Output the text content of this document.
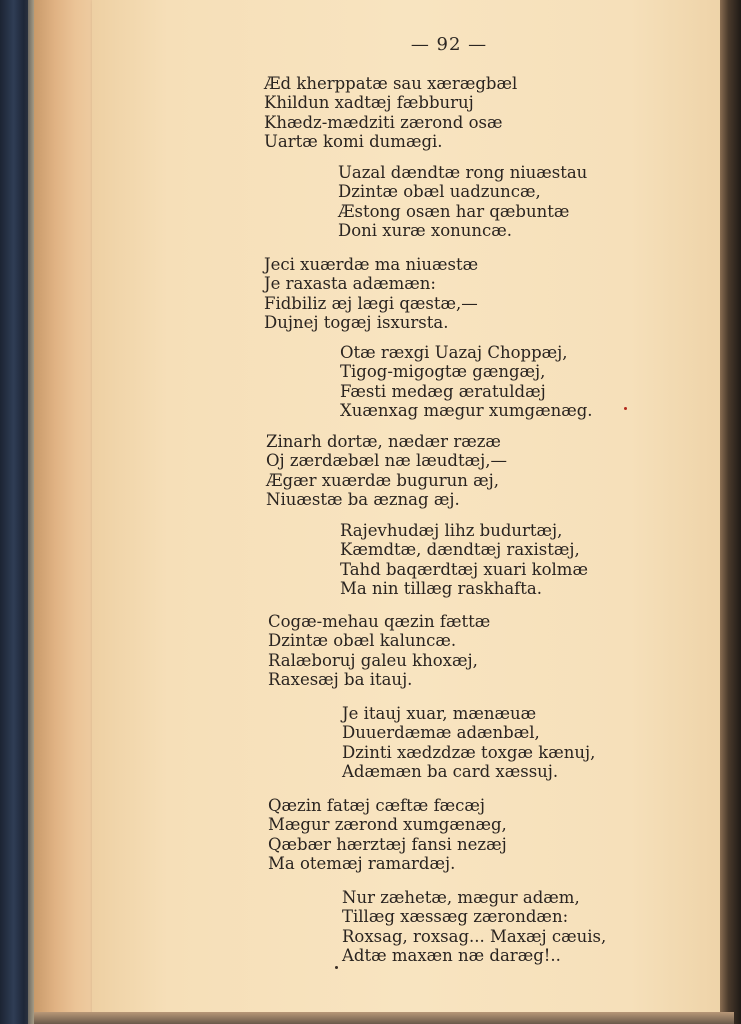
— 92 —
Æd kherppatæ sau xærægbæl
Khildun xadtæj fæbburuj
Khædz-mædziti zærond osæ
Uartæ komi dumægi.
Uazal dændtæ rong niuæstau
Dzintæ obæl uadzuncæ,
Æstong osæn har qæbuntæ
Doni xuræ xonuncæ.
Jeci xuærdæ ma niuæstæ
Je raxasta adæmæn:
Fidbiliz æj lægi qæstæ,—
Dujnej togæj isxursta.
Otæ ræxgi Uazaj Choppæj,
Tigog-migogtæ gængæj,
Fæsti medæg æratuldæj
Xuænxag mægur xumgænæg.
Zinarh dortæ, nædær ræzæ
Oj zærdæbæl næ læudtæj,—
Ægær xuærdæ bugurun æj,
Niuæstæ ba æznag æj.
Rajevhudæj lihz budurtæj,
Kæmdtæ, dændtæj raxistæj,
Tahd baqærdtæj xuari kolmæ
Ma nin tillæg raskhafta.
Cogæ-mehau qæzin fættæ
Dzintæ obæl kaluncæ.
Ralæboruj galeu khoxæj,
Raxesæj ba itauj.
Je itauj xuar, mænæuæ
Duuerdæmæ adænbæl,
Dzinti xædzdzæ toxgæ kænuj,
Adæmæn ba card xæssuj.
Qæzin fatæj cæftæ fæcæj
Mægur zærond xumgænæg,
Qæbær hærztæj fansi nezæj
Ma otemæj ramardæj.
Nur zæhetæ, mægur adæm,
Tillæg xæssæg zærondæn:
Roxsag, roxsag... Maxæj cæuis,
Adtæ maxæn næ daræg!..
